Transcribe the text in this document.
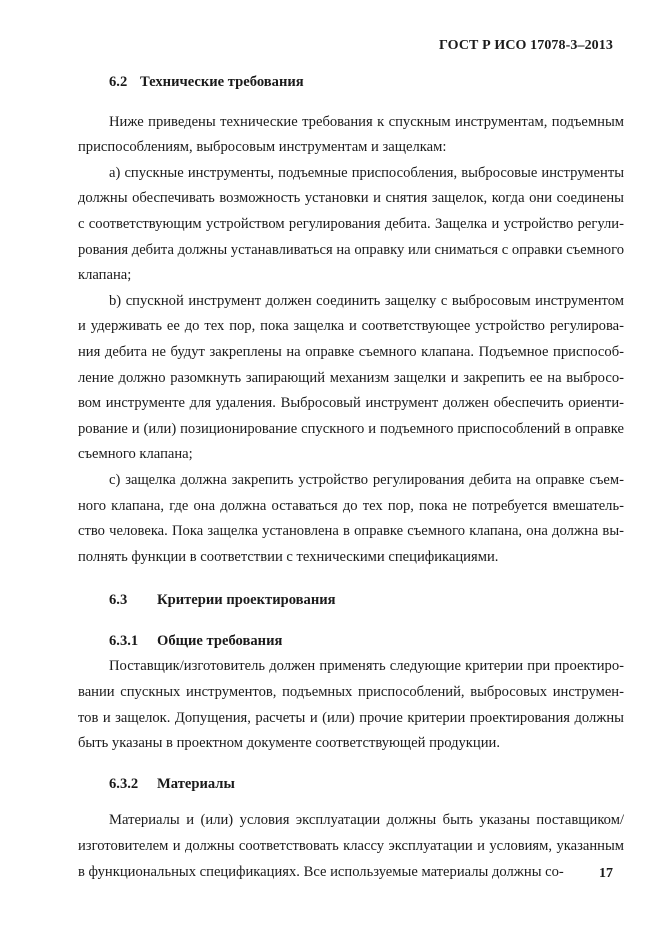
ГОСТ Р ИСО 17078-3–2013
6.2 Технические требования

Ниже приведены технические требования к спускным инструментам, подъемным приспособлениям, выбросовым инструментам и защелкам:

a) спускные инструменты, подъемные приспособления, выбросовые инструменты должны обеспечивать возможность установки и снятия защелок, когда они соединены с соответствующим устройством регулирования дебита. Защелка и устройство регулирования дебита должны устанавливаться на оправку или сниматься с оправки съемного клапана;

b) спускной инструмент должен соединить защелку с выбросовым инструментом и удерживать ее до тех пор, пока защелка и соответствующее устройство регулирования дебита не будут закреплены на оправке съемного клапана. Подъемное приспособление должно разомкнуть запирающий механизм защелки и закрепить ее на выбросовом инструменте для удаления. Выбросовый инструмент должен обеспечить ориентирование и (или) позиционирование спускного и подъемного приспособлений в оправке съемного клапана;

c) защелка должна закрепить устройство регулирования дебита на оправке съемного клапана, где она должна оставаться до тех пор, пока не потребуется вмешательство человека. Пока защелка установлена в оправке съемного клапана, она должна выполнять функции в соответствии с техническими спецификациями.

6.3 Критерии проектирования
6.3.1 Общие требования

Поставщик/изготовитель должен применять следующие критерии при проектировании спускных инструментов, подъемных приспособлений, выбросовых инструментов и защелок. Допущения, расчеты и (или) прочие критерии проектирования должны быть указаны в проектном документе соответствующей продукции.

6.3.2 Материалы

Материалы и (или) условия эксплуатации должны быть указаны поставщиком/изготовителем и должны соответствовать классу эксплуатации и условиям, указанным в функциональных спецификациях. Все используемые материалы должны со-	17
